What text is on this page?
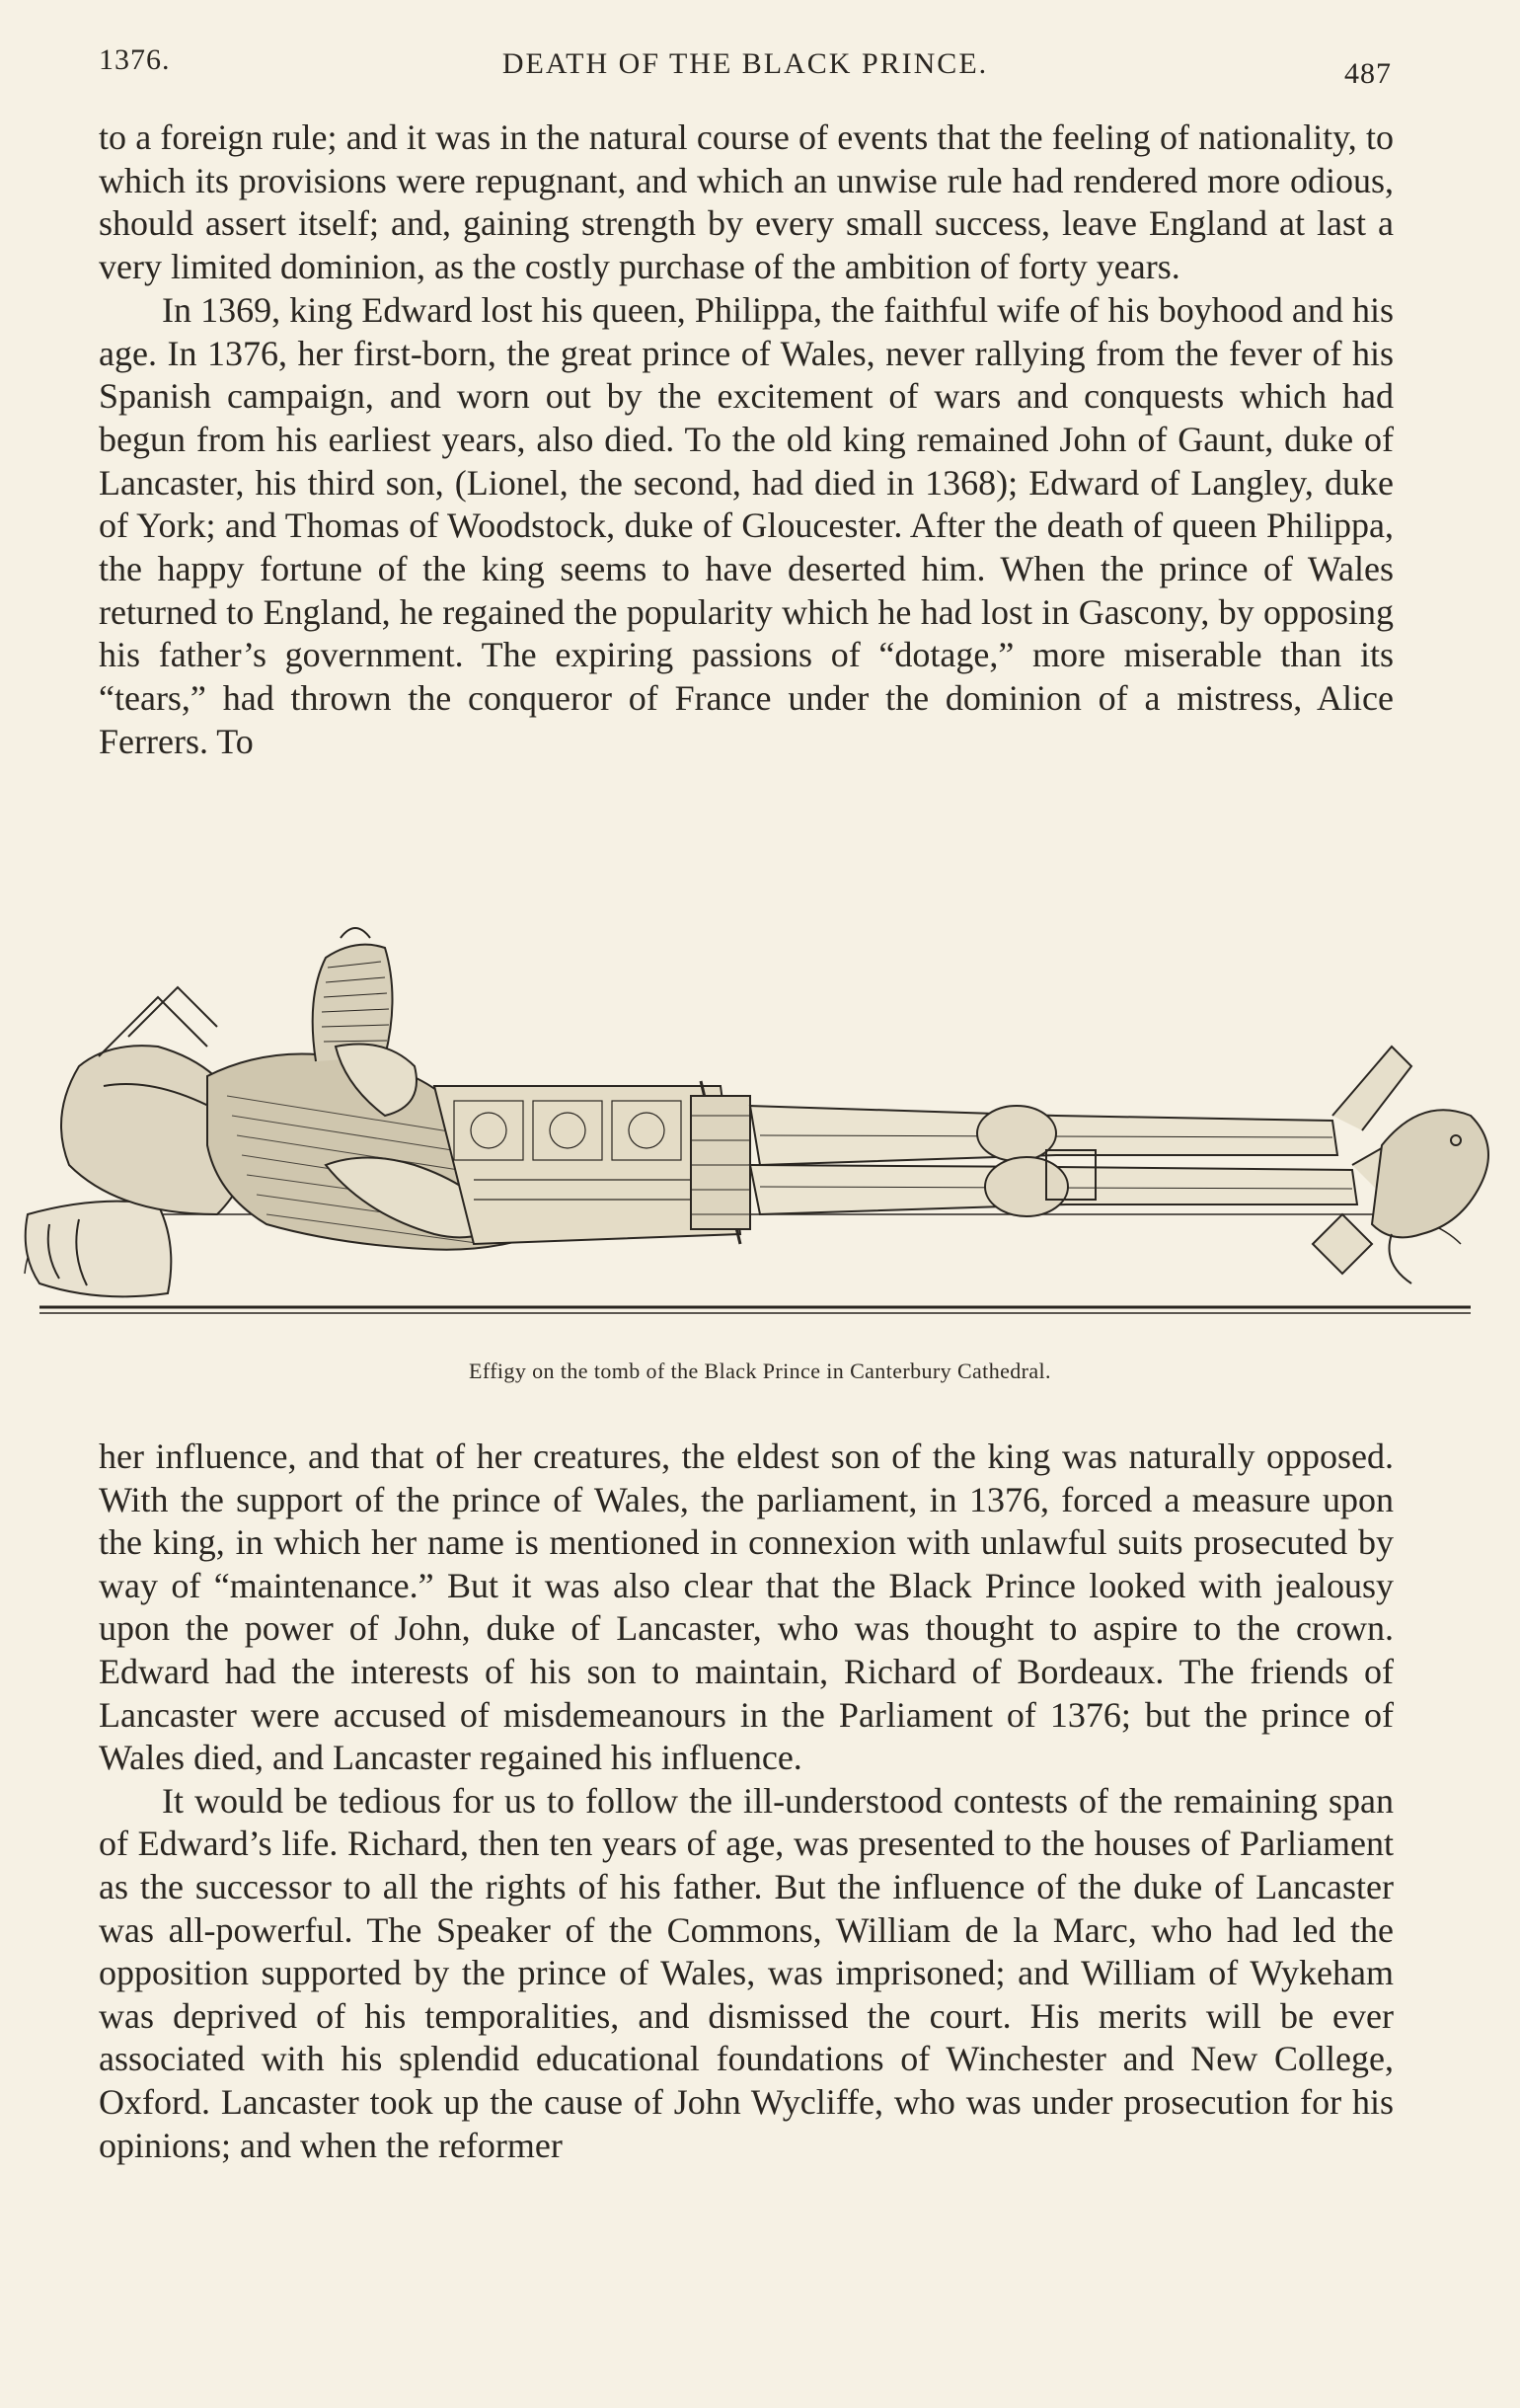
1376.	DEATH OF THE BLACK PRINCE.	487

to a foreign rule; and it was in the natural course of events that the feeling of nationality, to which its provisions were repugnant, and which an unwise rule had rendered more odious, should assert itself; and, gaining strength by every small success, leave England at last a very limited dominion, as the costly purchase of the ambition of forty years.

In 1369, king Edward lost his queen, Philippa, the faithful wife of his boyhood and his age. In 1376, her first-born, the great prince of Wales, never rallying from the fever of his Spanish campaign, and worn out by the excitement of wars and conquests which had begun from his earliest years, also died. To the old king remained John of Gaunt, duke of Lancaster, his third son, (Lionel, the second, had died in 1368); Edward of Langley, duke of York; and Thomas of Woodstock, duke of Gloucester. After the death of queen Philippa, the happy fortune of the king seems to have deserted him. When the prince of Wales returned to England, he regained the popularity which he had lost in Gascony, by opposing his father’s government. The expiring passions of “dotage,” more miserable than its “tears,” had thrown the conqueror of France under the dominion of a mistress, Alice Ferrers. To

Effigy on the tomb of the Black Prince in Canterbury Cathedral.

her influence, and that of her creatures, the eldest son of the king was naturally opposed. With the support of the prince of Wales, the parliament, in 1376, forced a measure upon the king, in which her name is mentioned in connexion with unlawful suits prosecuted by way of “maintenance.” But it was also clear that the Black Prince looked with jealousy upon the power of John, duke of Lancaster, who was thought to aspire to the crown. Edward had the interests of his son to maintain, Richard of Bordeaux. The friends of Lancaster were accused of misdemeanours in the Parliament of 1376; but the prince of Wales died, and Lancaster regained his influence.

It would be tedious for us to follow the ill-understood contests of the remaining span of Edward’s life. Richard, then ten years of age, was presented to the houses of Parliament as the successor to all the rights of his father. But the influence of the duke of Lancaster was all-powerful. The Speaker of the Commons, William de la Marc, who had led the opposition supported by the prince of Wales, was imprisoned; and William of Wykeham was deprived of his temporalities, and dismissed the court. His merits will be ever associated with his splendid educational foundations of Winchester and New College, Oxford. Lancaster took up the cause of John Wycliffe, who was under prosecution for his opinions; and when the reformer
